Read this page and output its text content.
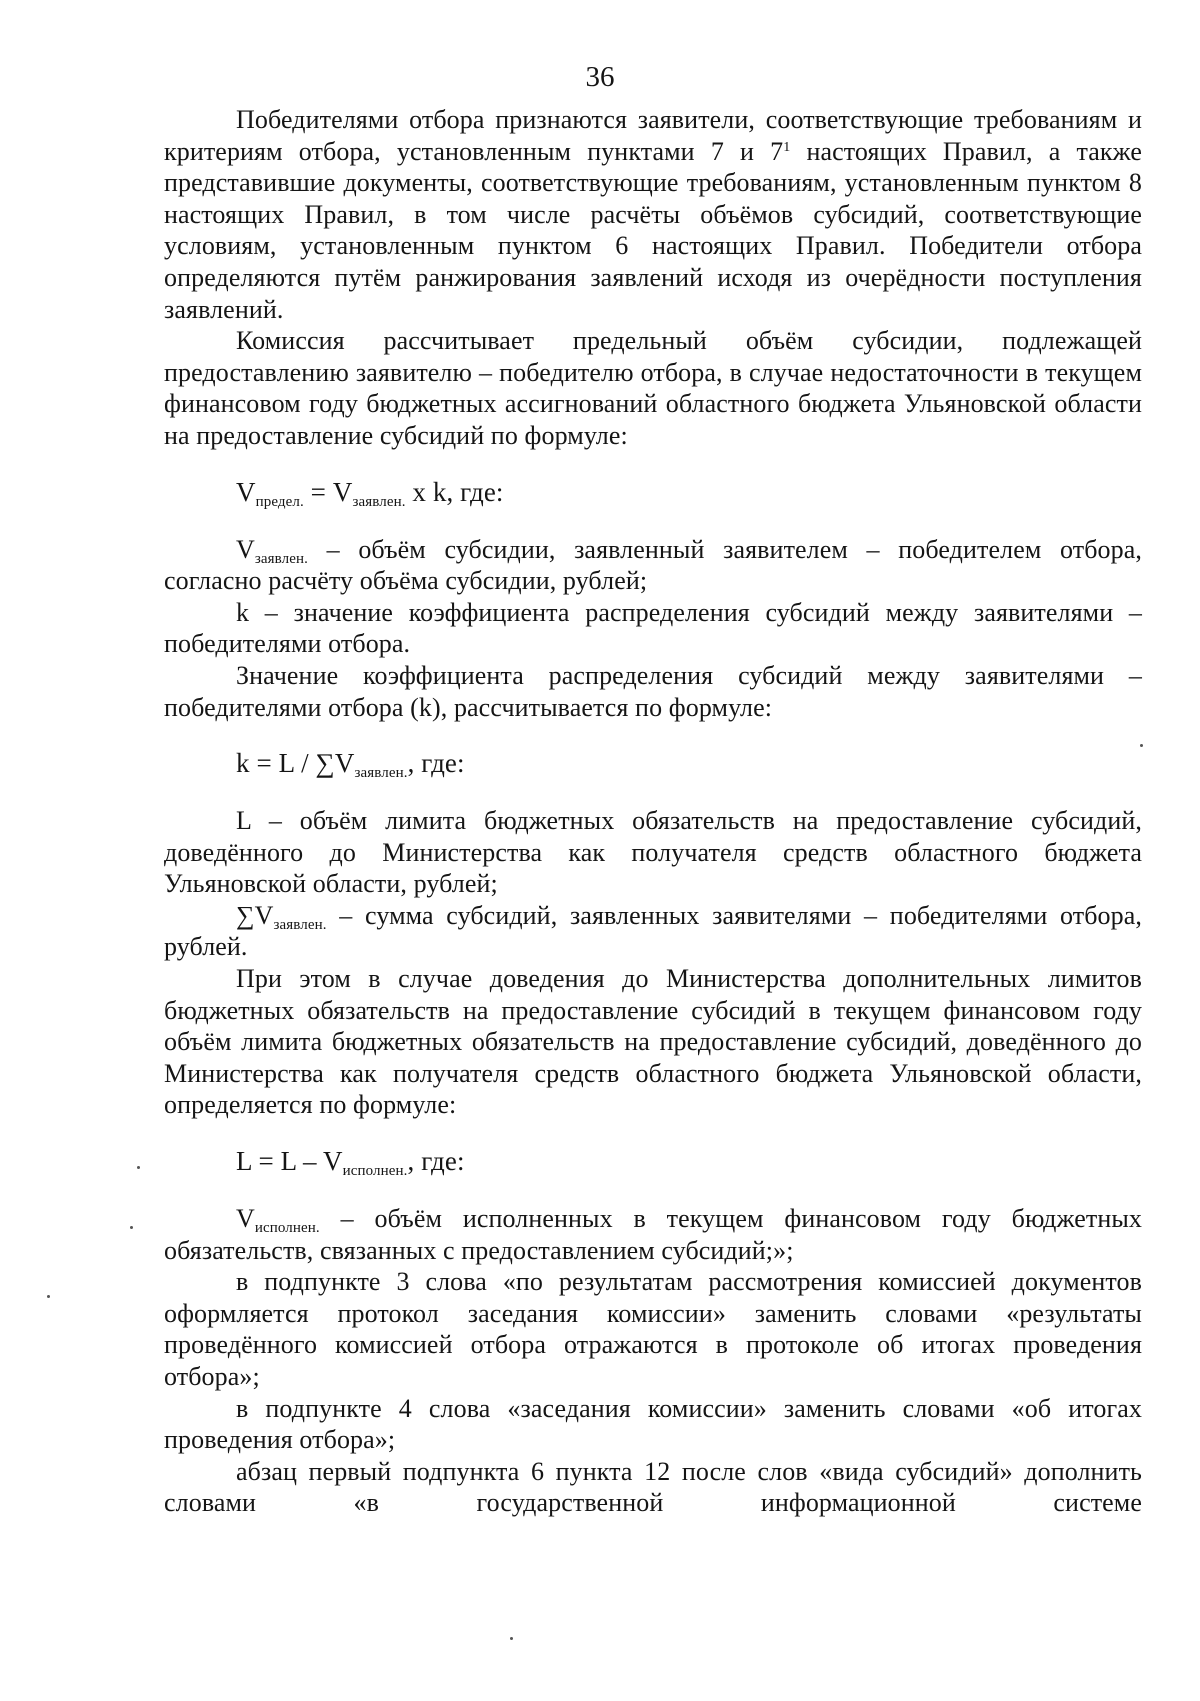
36

Победителями отбора признаются заявители, соответствующие требованиям и критериям отбора, установленным пунктами 7 и $7^1$ настоящих Правил, а также представившие документы, соответствующие требованиям, установленным пунктом 8 настоящих Правил, в том числе расчёты объёмов субсидий, соответствующие условиям, установленным пунктом 6 настоящих Правил. Победители отбора определяются путём ранжирования заявлений исходя из очерёдности поступления заявлений.

Комиссия рассчитывает предельный объём субсидии, подлежащей предоставлению заявителю – победителю отбора, в случае недостаточности в текущем финансовом году бюджетных ассигнований областного бюджета Ульяновской области на предоставление субсидий по формуле:

$V_{предел.} = V_{заявлен.}$ x k, где:

$V_{заявлен.}$ – объём субсидии, заявленный заявителем – победителем отбора, согласно расчёту объёма субсидии, рублей;

k – значение коэффициента распределения субсидий между заявителями – победителями отбора.

Значение коэффициента распределения субсидий между заявителями – победителями отбора (k), рассчитывается по формуле:

$k = L / \sum V_{заявлен.}$, где:

L – объём лимита бюджетных обязательств на предоставление субсидий, доведённого до Министерства как получателя средств областного бюджета Ульяновской области, рублей;

$\sum V_{заявлен.}$ – сумма субсидий, заявленных заявителями – победителями отбора, рублей.

При этом в случае доведения до Министерства дополнительных лимитов бюджетных обязательств на предоставление субсидий в текущем финансовом году объём лимита бюджетных обязательств на предоставление субсидий, доведённого до Министерства как получателя средств областного бюджета Ульяновской области, определяется по формуле:

$L = L - V_{исполнен.}$, где:

$V_{исполнен.}$ – объём исполненных в текущем финансовом году бюджетных обязательств, связанных с предоставлением субсидий;»;

в подпункте 3 слова «по результатам рассмотрения комиссией документов оформляется протокол заседания комиссии» заменить словами «результаты проведённого комиссией отбора отражаются в протоколе об итогах проведения отбора»;

в подпункте 4 слова «заседания комиссии» заменить словами «об итогах проведения отбора»;

абзац первый подпункта 6 пункта 12 после слов «вида субсидий» дополнить словами «в государственной информационной системе
